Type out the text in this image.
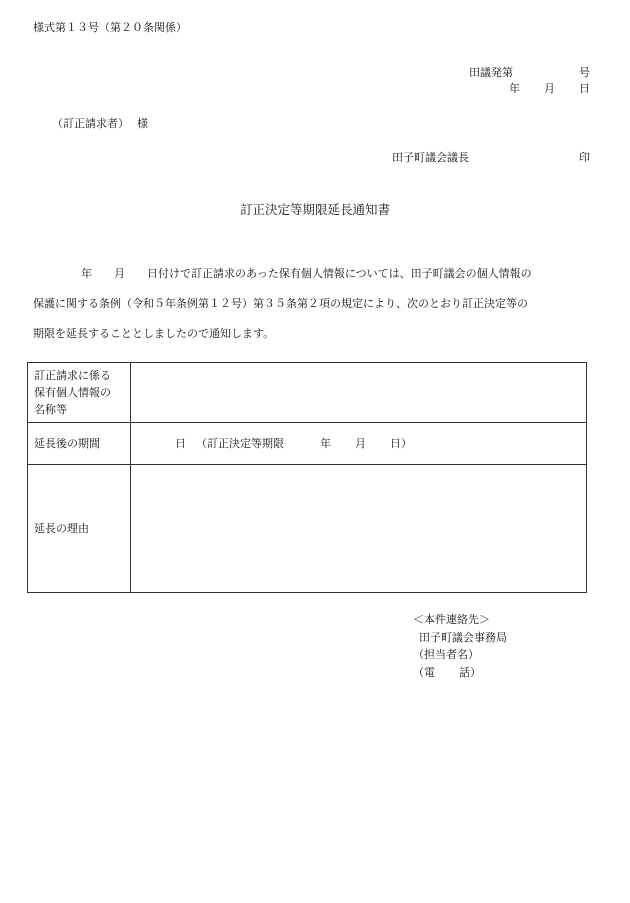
様式第１３号（第２０条関係）
田議発第	号
年 月 日
（訂正請求者） 様
田子町議会議長	印
訂正決定等期限延長通知書
年 月 日付けで訂正請求のあった保有個人情報については、田子町議会の個人情報の
保護に関する条例（令和５年条例第１２号）第３５条第２項の規定により、次のとおり訂正決定等の
期限を延長することとしましたので通知します。
訂正請求に係る
保有個人情報の
名称等	
延長後の期間	日 （訂正決定等期限 年 月 日）
延長の理由	
＜本件連絡先＞
田子町議会事務局
（担当者名）
（電 話）
